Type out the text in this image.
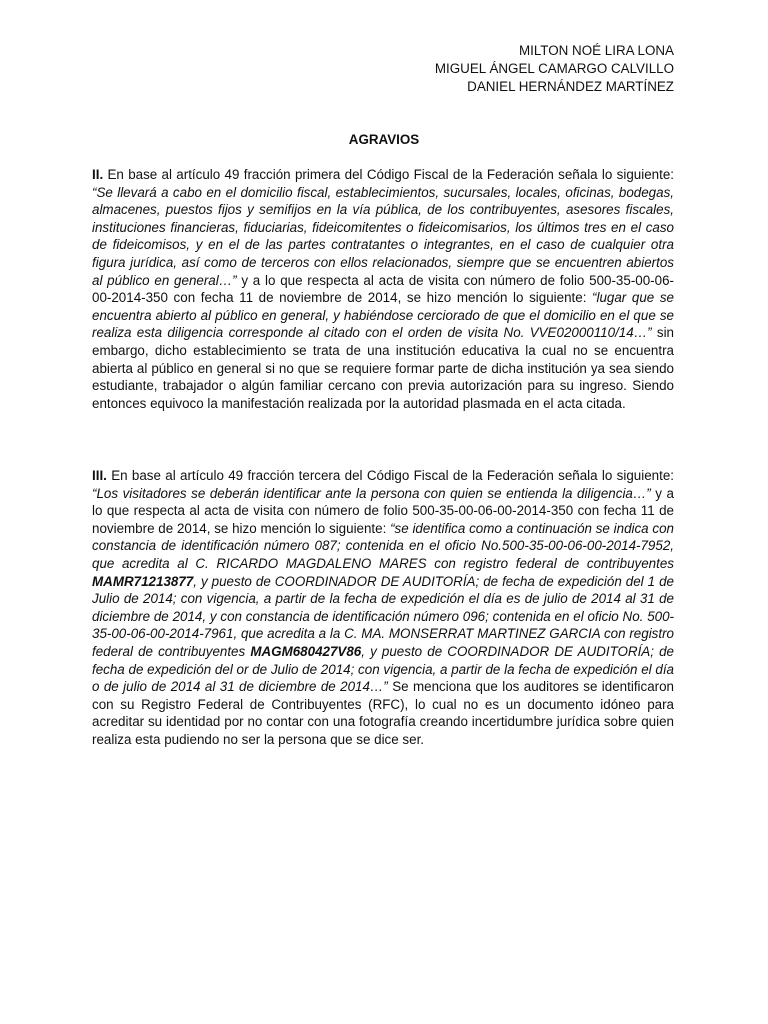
MILTON NOÉ LIRA LONA
MIGUEL ÁNGEL CAMARGO CALVILLO
DANIEL HERNÁNDEZ MARTÍNEZ
AGRAVIOS
II. En base al artículo 49 fracción primera del Código Fiscal de la Federación señala lo siguiente: “Se llevará a cabo en el domicilio fiscal, establecimientos, sucursales, locales, oficinas, bodegas, almacenes, puestos fijos y semifijos en la vía pública, de los contribuyentes, asesores fiscales, instituciones financieras, fiduciarias, fideicomitentes o fideicomisarios, los últimos tres en el caso de fideicomisos, y en el de las partes contratantes o integrantes, en el caso de cualquier otra figura jurídica, así como de terceros con ellos relacionados, siempre que se encuentren abiertos al público en general…” y a lo que respecta al acta de visita con número de folio 500-35-00-06-00-2014-350 con fecha 11 de noviembre de 2014, se hizo mención lo siguiente: “lugar que se encuentra abierto al público en general, y habiéndose cerciorado de que el domicilio en el que se realiza esta diligencia corresponde al citado con el orden de visita No. VVE02000110/14…” sin embargo, dicho establecimiento se trata de una institución educativa la cual no se encuentra abierta al público en general si no que se requiere formar parte de dicha institución ya sea siendo estudiante, trabajador o algún familiar cercano con previa autorización para su ingreso. Siendo entonces equivoco la manifestación realizada por la autoridad plasmada en el acta citada.
III. En base al artículo 49 fracción tercera del Código Fiscal de la Federación señala lo siguiente: “Los visitadores se deberán identificar ante la persona con quien se entienda la diligencia…” y a lo que respecta al acta de visita con número de folio 500-35-00-06-00-2014-350 con fecha 11 de noviembre de 2014, se hizo mención lo siguiente: “se identifica como a continuación se indica con constancia de identificación número 087; contenida en el oficio No.500-35-00-06-00-2014-7952, que acredita al C. RICARDO MAGDALENO MARES con registro federal de contribuyentes MAMR71213877, y puesto de COORDINADOR DE AUDITORÍA; de fecha de expedición del 1 de Julio de 2014; con vigencia, a partir de la fecha de expedición el día es de julio de 2014 al 31 de diciembre de 2014, y con constancia de identificación número 096; contenida en el oficio No. 500-35-00-06-00-2014-7961, que acredita a la C. MA. MONSERRAT MARTINEZ GARCIA con registro federal de contribuyentes MAGM680427V86, y puesto de COORDINADOR DE AUDITORÍA; de fecha de expedición del or de Julio de 2014; con vigencia, a partir de la fecha de expedición el día o de julio de 2014 al 31 de diciembre de 2014…” Se menciona que los auditores se identificaron con su Registro Federal de Contribuyentes (RFC), lo cual no es un documento idóneo para acreditar su identidad por no contar con una fotografía creando incertidumbre jurídica sobre quien realiza esta pudiendo no ser la persona que se dice ser.
